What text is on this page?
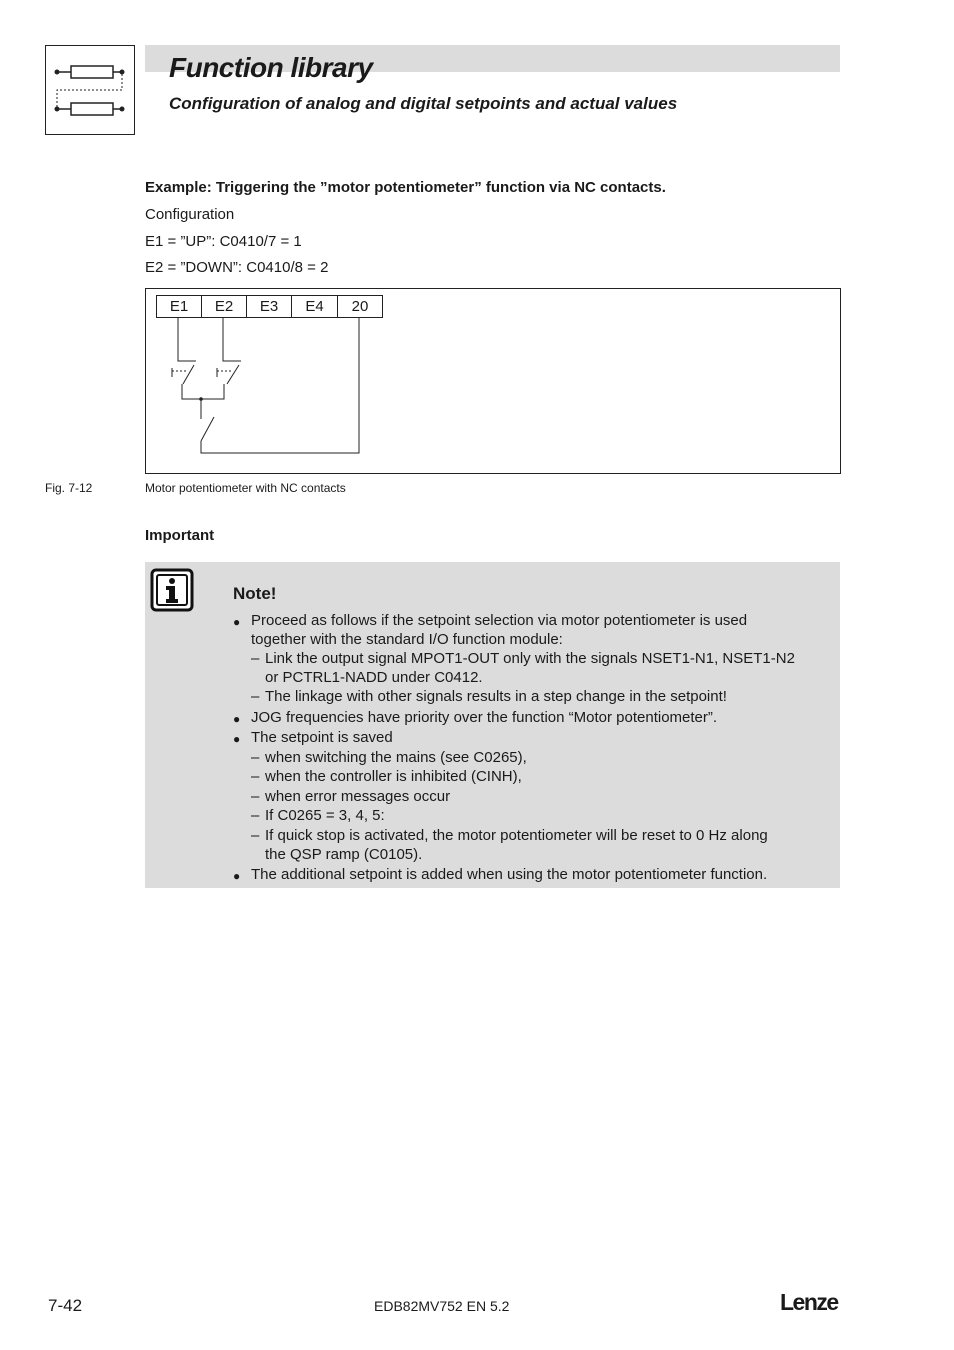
Function library
Configuration of analog and digital setpoints and actual values
Example: Triggering the ”motor potentiometer” function via NC contacts.
Configuration
E1 = ”UP”: C0410/7 = 1
E2 = ”DOWN”: C0410/8 = 2
E1	E2	E3	E4	20
Fig. 7-12	Motor potentiometer with NC contacts
Important
Note!
● Proceed as follows if the setpoint selection via motor potentiometer is used
together with the standard I/O function module:
– Link the output signal MPOT1-OUT only with the signals NSET1-N1, NSET1-N2
or PCTRL1-NADD under C0412.
– The linkage with other signals results in a step change in the setpoint!
● JOG frequencies have priority over the function “Motor potentiometer”.
● The setpoint is saved
– when switching the mains (see C0265),
– when the controller is inhibited (CINH),
– when error messages occur
– If C0265 = 3, 4, 5:
– If quick stop is activated, the motor potentiometer will be reset to 0 Hz along
the QSP ramp (C0105).
● The additional setpoint is added when using the motor potentiometer function.
7-42	EDB82MV752 EN 5.2	Lenze
